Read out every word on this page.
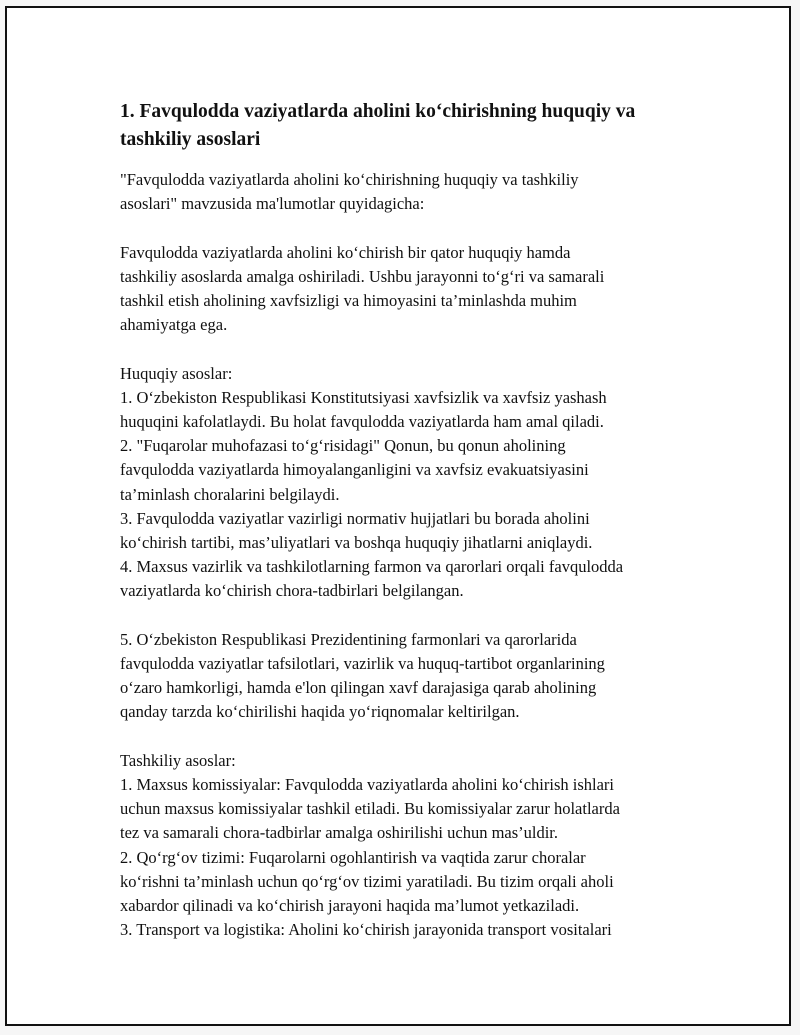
1. Favqulodda vaziyatlarda aholini ko‘chirishning huquqiy va
tashkiliy asoslari
"Favqulodda vaziyatlarda aholini ko‘chirishning huquqiy va tashkiliy
asoslari" mavzusida ma'lumotlar quyidagicha:
Favqulodda vaziyatlarda aholini ko‘chirish bir qator huquqiy hamda
tashkiliy asoslarda amalga oshiriladi. Ushbu jarayonni to‘g‘ri va samarali
tashkil etish aholining xavfsizligi va himoyasini ta’minlashda muhim
ahamiyatga ega.
Huquqiy asoslar:
1. O‘zbekiston Respublikasi Konstitutsiyasi xavfsizlik va xavfsiz yashash
huquqini kafolatlaydi. Bu holat favqulodda vaziyatlarda ham amal qiladi.
2. "Fuqarolar muhofazasi to‘g‘risidagi" Qonun, bu qonun aholining
favqulodda vaziyatlarda himoyalanganligini va xavfsiz evakuatsiyasini
ta’minlash choralarini belgilaydi.
3. Favqulodda vaziyatlar vazirligi normativ hujjatlari bu borada aholini
ko‘chirish tartibi, mas’uliyatlari va boshqa huquqiy jihatlarni aniqlaydi.
4. Maxsus vazirlik va tashkilotlarning farmon va qarorlari orqali favqulodda
vaziyatlarda ko‘chirish chora-tadbirlari belgilangan.
5. O‘zbekiston Respublikasi Prezidentining farmonlari va qarorlarida
favqulodda vaziyatlar tafsilotlari, vazirlik va huquq-tartibot organlarining
o‘zaro hamkorligi, hamda e'lon qilingan xavf darajasiga qarab aholining
qanday tarzda ko‘chirilishi haqida yo‘riqnomalar keltirilgan.
Tashkiliy asoslar:
1. Maxsus komissiyalar: Favqulodda vaziyatlarda aholini ko‘chirish ishlari
uchun maxsus komissiyalar tashkil etiladi. Bu komissiyalar zarur holatlarda
tez va samarali chora-tadbirlar amalga oshirilishi uchun mas’uldir.
2. Qo‘rg‘ov tizimi: Fuqarolarni ogohlantirish va vaqtida zarur choralar
ko‘rishni ta’minlash uchun qo‘rg‘ov tizimi yaratiladi. Bu tizim orqali aholi
xabardor qilinadi va ko‘chirish jarayoni haqida ma’lumot yetkaziladi.
3. Transport va logistika: Aholini ko‘chirish jarayonida transport vositalari
